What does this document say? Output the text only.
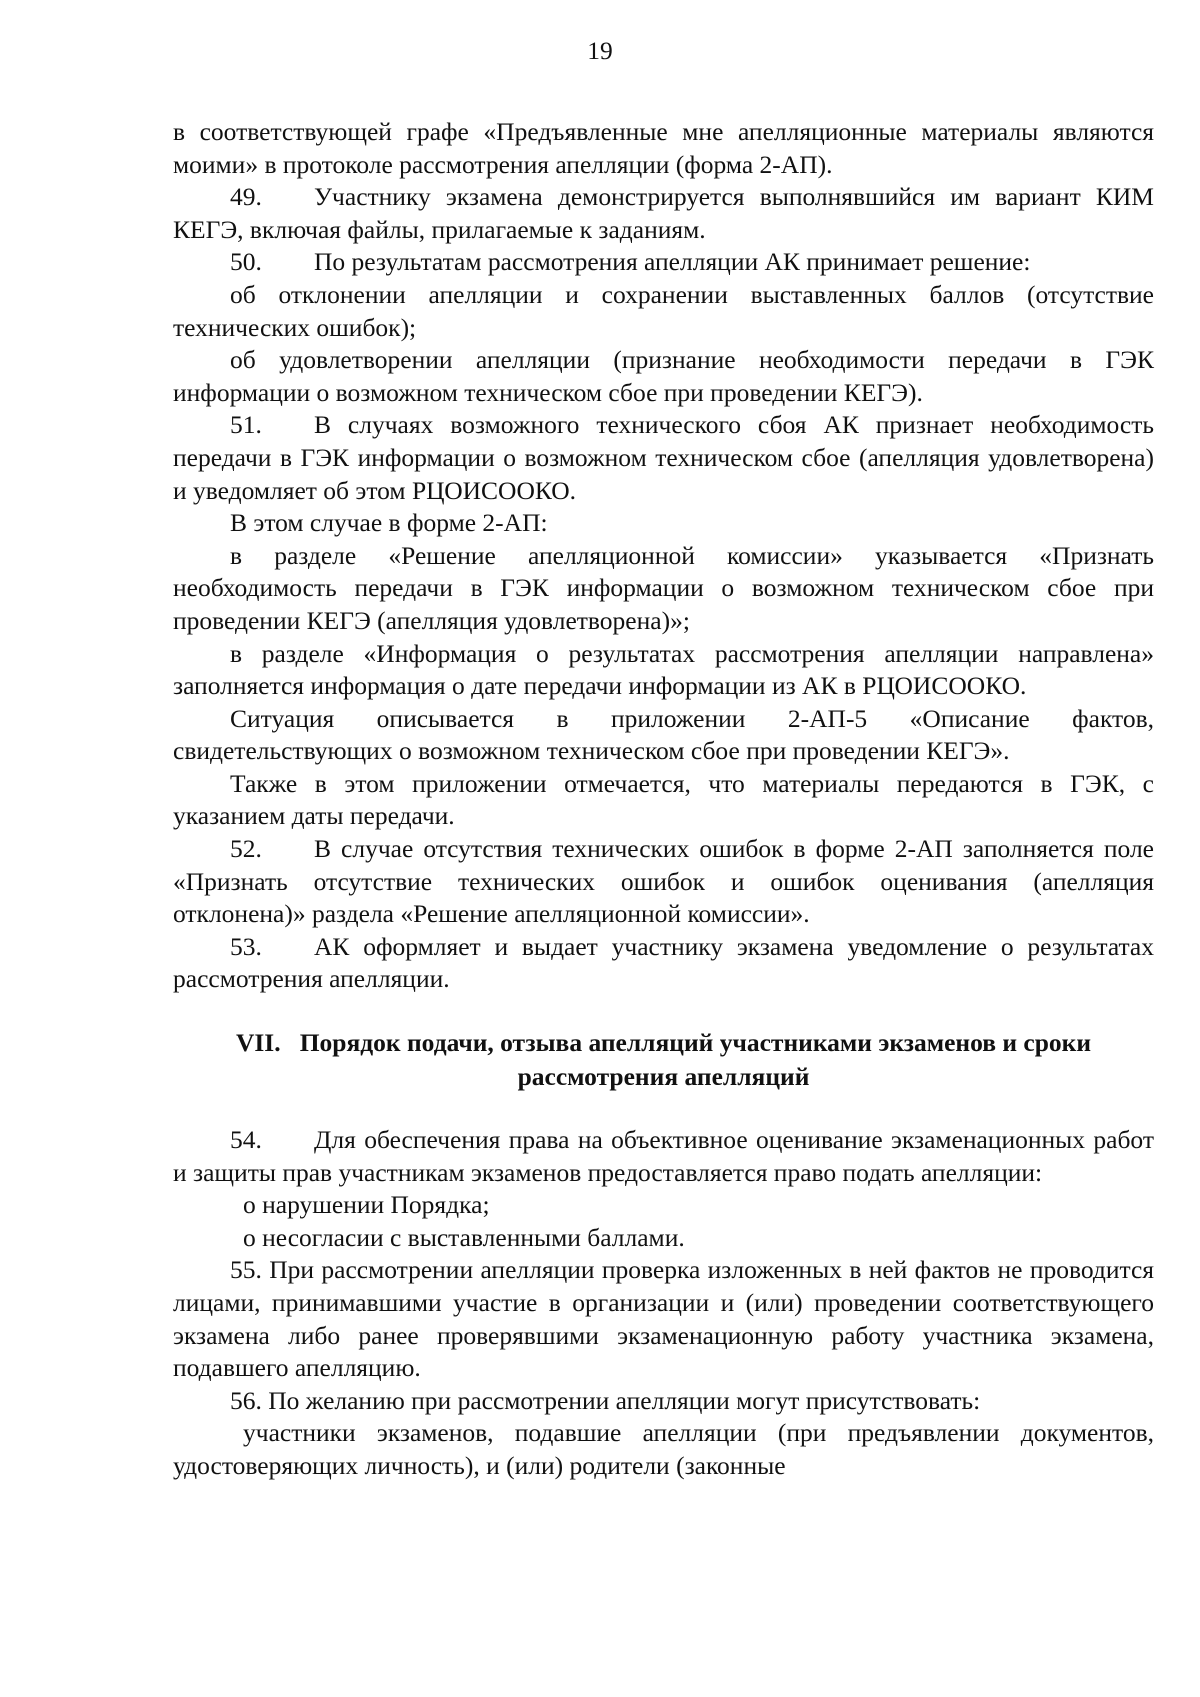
19

в соответствующей графе «Предъявленные мне апелляционные материалы являются моими» в протоколе рассмотрения апелляции (форма 2-АП).

49. Участнику экзамена демонстрируется выполнявшийся им вариант КИМ КЕГЭ, включая файлы, прилагаемые к заданиям.

50. По результатам рассмотрения апелляции АК принимает решение:

об отклонении апелляции и сохранении выставленных баллов (отсутствие технических ошибок);

об удовлетворении апелляции (признание необходимости передачи в ГЭК информации о возможном техническом сбое при проведении КЕГЭ).

51. В случаях возможного технического сбоя АК признает необходимость передачи в ГЭК информации о возможном техническом сбое (апелляция удовлетворена) и уведомляет об этом РЦОИСООКО.

В этом случае в форме 2-АП:

в разделе «Решение апелляционной комиссии» указывается «Признать необходимость передачи в ГЭК информации о возможном техническом сбое при проведении КЕГЭ (апелляция удовлетворена)»;

в разделе «Информация о результатах рассмотрения апелляции направлена» заполняется информация о дате передачи информации из АК в РЦОИСООКО.

Ситуация описывается в приложении 2-АП-5 «Описание фактов, свидетельствующих о возможном техническом сбое при проведении КЕГЭ».

Также в этом приложении отмечается, что материалы передаются в ГЭК, с указанием даты передачи.

52. В случае отсутствия технических ошибок в форме 2-АП заполняется поле «Признать отсутствие технических ошибок и ошибок оценивания (апелляция отклонена)» раздела «Решение апелляционной комиссии».

53. АК оформляет и выдает участнику экзамена уведомление о результатах рассмотрения апелляции.

VII. Порядок подачи, отзыва апелляций участниками экзаменов и сроки
рассмотрения апелляций

54. Для обеспечения права на объективное оценивание экзаменационных работ и защиты прав участникам экзаменов предоставляется право подать апелляции:

о нарушении Порядка;

о несогласии с выставленными баллами.

55. При рассмотрении апелляции проверка изложенных в ней фактов не проводится лицами, принимавшими участие в организации и (или) проведении соответствующего экзамена либо ранее проверявшими экзаменационную работу участника экзамена, подавшего апелляцию.

56. По желанию при рассмотрении апелляции могут присутствовать:

участники экзаменов, подавшие апелляции (при предъявлении документов, удостоверяющих личность), и (или) родители (законные
